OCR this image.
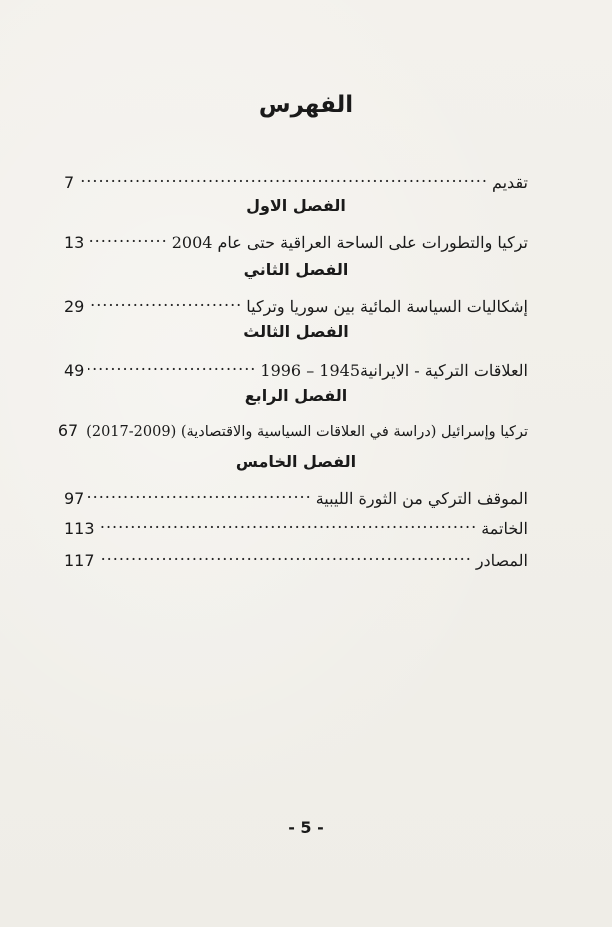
الفهرس
تقديم
.....
7
الفصل الاول
تركيا والتطورات على الساحة العراقية حتى عام 2004
.....
13
الفصل الثاني
إشكاليات السياسة المائية بين سوريا وتركيا
.....
29
الفصل الثالث
العلاقات التركية - الايرانية1945 – 1996
.....
49
الفصل الرابع
تركيا وإسرائيل (دراسة في العلاقات السياسية والاقتصادية) (2009-2017)
67
الفصل الخامس
الموقف التركي من الثورة الليبية
.....
97
الخاتمة
.....
113
المصادر
.....
117
- 5 -
